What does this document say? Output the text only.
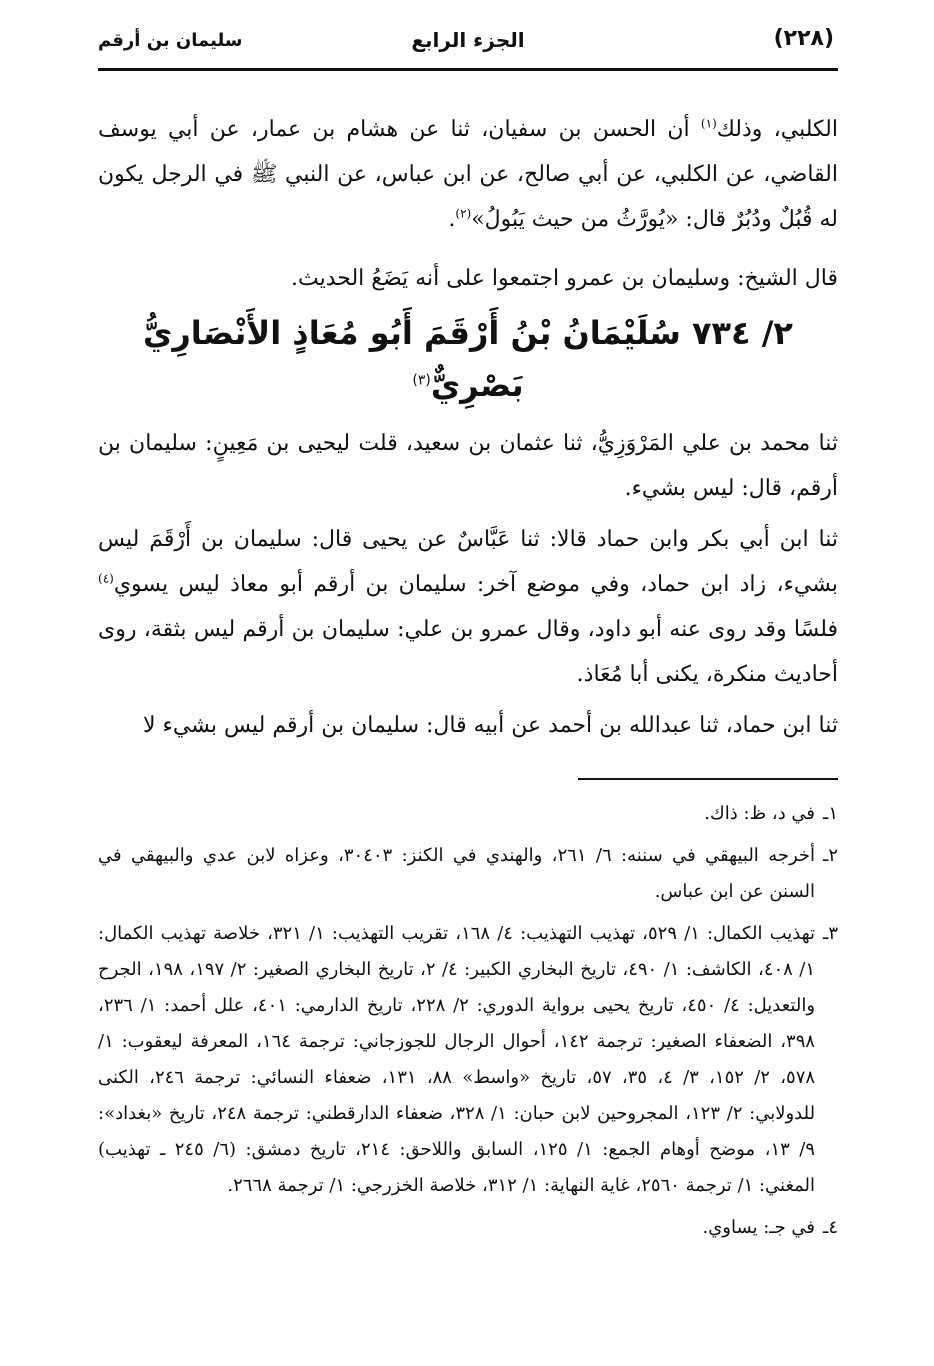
(٢٢٨)
الجزء الرابع
سليمان بن أرقم

الكلبي، وذلك$^{(١)}$ أن الحسن بن سفيان، ثنا عن هشام بن عمار، عن أبي يوسف القاضي، عن الكلبي، عن أبي صالح، عن ابن عباس، عن النبي ﷺ في الرجل يكون له قُبُلٌ ودُبُرٌ قال: «يُورَّثُ من حيث يَبُولُ»$^{(٢)}$.

قال الشيخ: وسليمان بن عمرو اجتمعوا على أنه يَضَعُ الحديث.

٢/ ٧٣٤ سُلَيْمَانُ بْنُ أَرْقَمَ أَبُو مُعَاذٍ الأَنْصَارِيُّ بَصْرِيٌّ$^{(٣)}$

ثنا محمد بن علي المَرْوَزِيُّ، ثنا عثمان بن سعيد، قلت ليحيى بن مَعِينٍ: سليمان بن أرقم، قال: ليس بشيء.

ثنا ابن أبي بكر وابن حماد قالا: ثنا عَبَّاسٌ عن يحيى قال: سليمان بن أَرْقَمَ ليس بشيء، زاد ابن حماد، وفي موضع آخر: سليمان بن أرقم أبو معاذ ليس يسوي$^{(٤)}$ فلسًا وقد روى عنه أبو داود، وقال عمرو بن علي: سليمان بن أرقم ليس بثقة، روى أحاديث منكرة، يكنى أبا مُعَاذ.

ثنا ابن حماد، ثنا عبدالله بن أحمد عن أبيه قال: سليمان بن أرقم ليس بشيء لا

١ـ
في د، ظ: ذاك.
٢ـ
أخرجه البيهقي في سننه: ٦/ ٢٦١، والهندي في الكنز: ٣٠٤٠٣، وعزاه لابن عدي والبيهقي في السنن عن ابن عباس.
٣ـ
تهذيب الكمال: ١/ ٥٢٩، تهذيب التهذيب: ٤/ ١٦٨، تقريب التهذيب: ١/ ٣٢١، خلاصة تهذيب الكمال: ١/ ٤٠٨، الكاشف: ١/ ٤٩٠، تاريخ البخاري الكبير: ٤/ ٢، تاريخ البخاري الصغير: ٢/ ١٩٧، ١٩٨، الجرح والتعديل: ٤/ ٤٥٠، تاريخ يحيى برواية الدوري: ٢/ ٢٢٨، تاريخ الدارمي: ٤٠١، علل أحمد: ١/ ٢٣٦، ٣٩٨، الضعفاء الصغير: ترجمة ١٤٢، أحوال الرجال للجوزجاني: ترجمة ١٦٤، المعرفة ليعقوب: ١/ ٥٧٨، ٢/ ١٥٢، ٣/ ٤، ٣٥، ٥٧، تاريخ «واسط» ٨٨، ١٣١، ضعفاء النسائي: ترجمة ٢٤٦، الكنى للدولابي: ٢/ ١٢٣، المجروحين لابن حبان: ١/ ٣٢٨، ضعفاء الدارقطني: ترجمة ٢٤٨، تاريخ «بغداد»: ٩/ ١٣، موضح أوهام الجمع: ١/ ١٢٥، السابق واللاحق: ٢١٤، تاريخ دمشق: (٦/ ٢٤٥ ـ تهذيب) المغني: ١/ ترجمة ٢٥٦٠، غاية النهاية: ١/ ٣١٢، خلاصة الخزرجي: ١/ ترجمة ٢٦٦٨.
٤ـ
في جـ: يساوي.
